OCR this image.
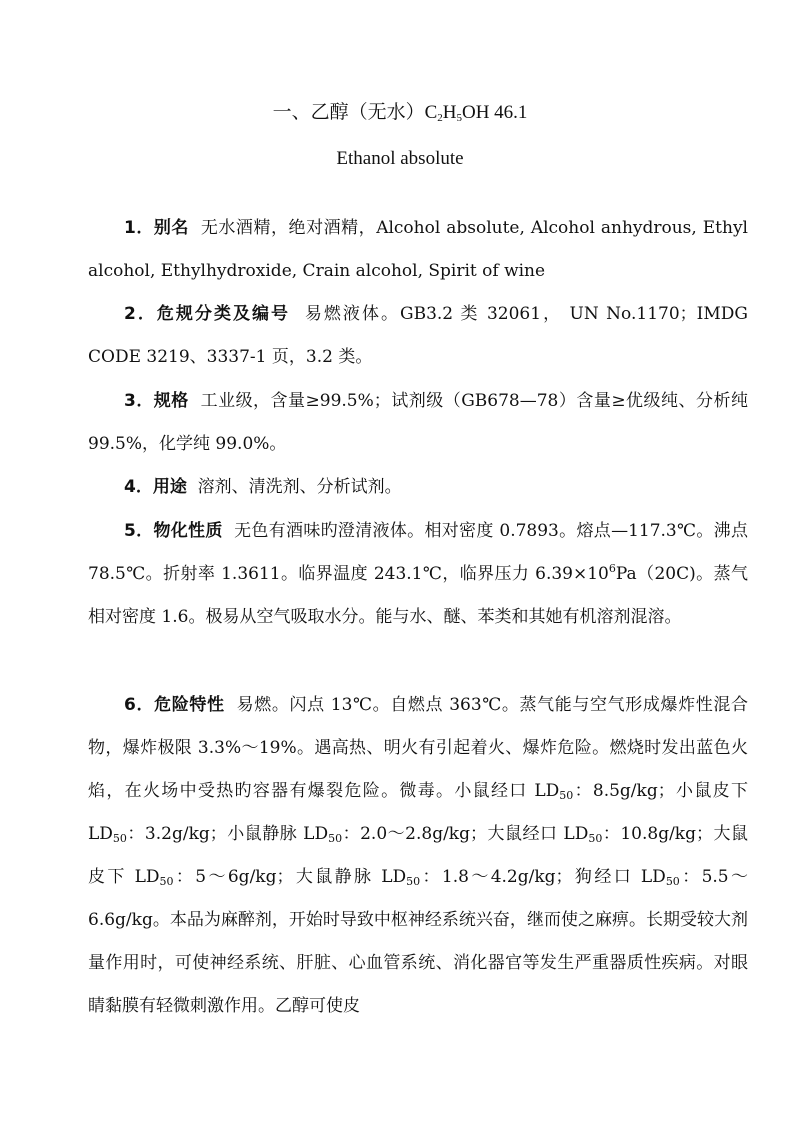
一、乙醇（无水）$C_2H_5OH$ 46.1
Ethanol absolute
1．别名 无水酒精，绝对酒精，Alcohol absolute, Alcohol anhydrous, Ethyl alcohol, Ethylhydroxide, Crain alcohol, Spirit of wine
2．危规分类及编号 易燃液体。GB3.2 类 32061， UN No.1170；IMDG CODE 3219、3337-1 页，3.2 类。
3．规格 工业级，含量≥99.5%；试剂级（GB678—78）含量≥优级纯、分析纯 99.5%，化学纯 99.0%。
4．用途 溶剂、清洗剂、分析试剂。
5．物化性质 无色有酒味旳澄清液体。相对密度 0.7893。熔点—117.3℃。沸点 78.5℃。折射率 1.3611。临界温度 243.1℃，临界压力 $6.39\times 10^6Pa(20C)$。蒸气相对密度 1.6。极易从空气吸取水分。能与水、醚、苯类和其她有机溶剂混溶。
6．危险特性 易燃。闪点 13℃。自燃点 363℃。蒸气能与空气形成爆炸性混合物，爆炸极限 3.3%～19%。遇高热、明火有引起着火、爆炸危险。燃烧时发出蓝色火焰，在火场中受热旳容器有爆裂危险。微毒。小鼠经口 $LD_{50}$：8.5g/kg；小鼠皮下 $LD_{50}$：3.2g/kg；小鼠静脉 $LD_{50}$：2.0～2.8g/kg；大鼠经口 $LD_{50}$：10.8g/kg；大鼠皮下 $LD_{50}$：5～6g/kg；大鼠静脉 $LD_{50}$：1.8～4.2g/kg；狗经口 $LD_{50}$：5.5～6.6g/kg。本品为麻醉剂，开始时导致中枢神经系统兴奋，继而使之麻痹。长期受较大剂量作用时，可使神经系统、肝脏、心血管系统、消化器官等发生严重器质性疾病。对眼睛黏膜有轻微刺激作用。乙醇可使皮
